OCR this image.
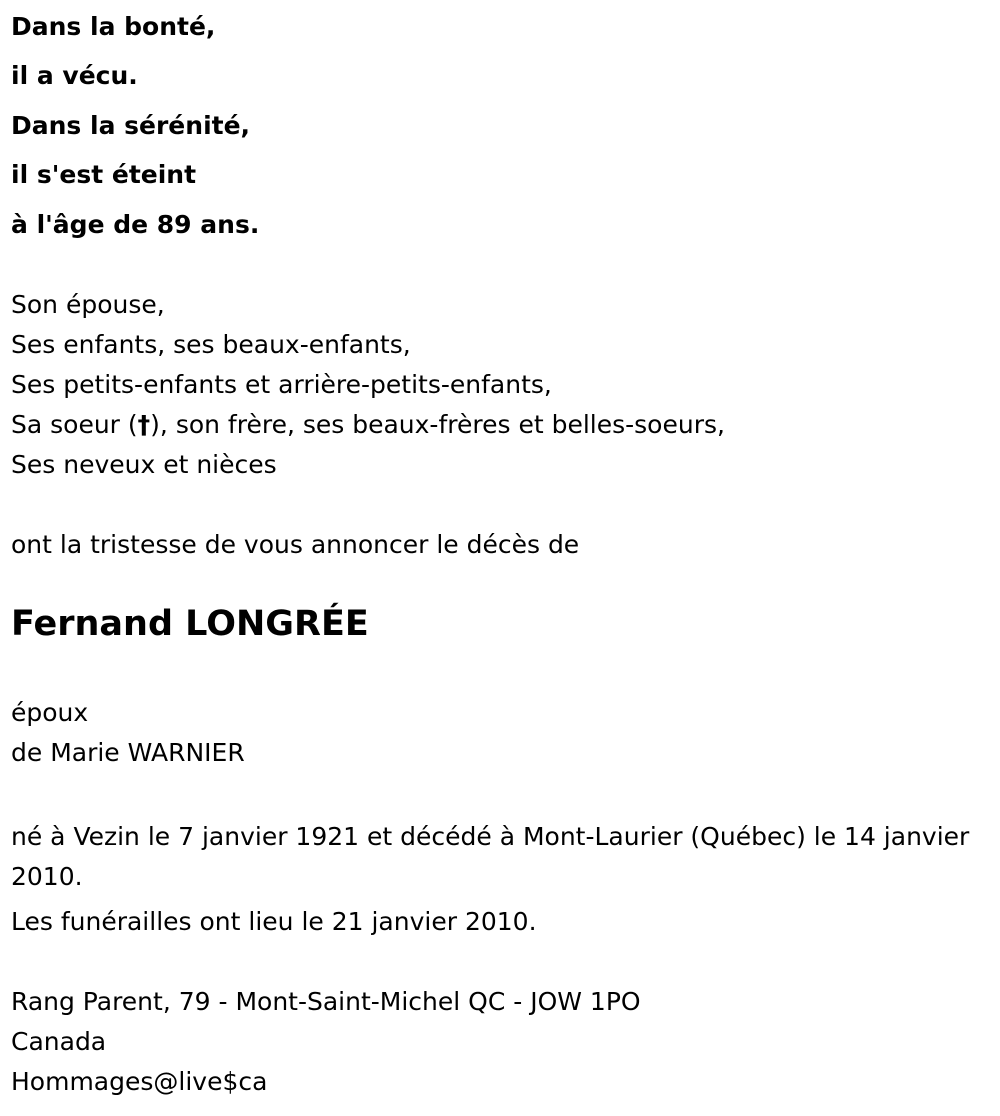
Dans la bonté,
il a vécu.
Dans la sérénité,
il s'est éteint
à l'âge de 89 ans.
Son épouse,
Ses enfants, ses beaux-enfants,
Ses petits-enfants et arrière-petits-enfants,
Sa soeur (†), son frère, ses beaux-frères et belles-soeurs,
Ses neveux et nièces
ont la tristesse de vous annoncer le décès de
Fernand LONGRÉE
époux
de Marie WARNIER
né à Vezin le 7 janvier 1921 et décédé à Mont-Laurier (Québec) le 14 janvier 2010.
Les funérailles ont lieu le 21 janvier 2010.
Rang Parent, 79 - Mont-Saint-Michel QC - JOW 1PO
Canada
Hommages@live$ca
